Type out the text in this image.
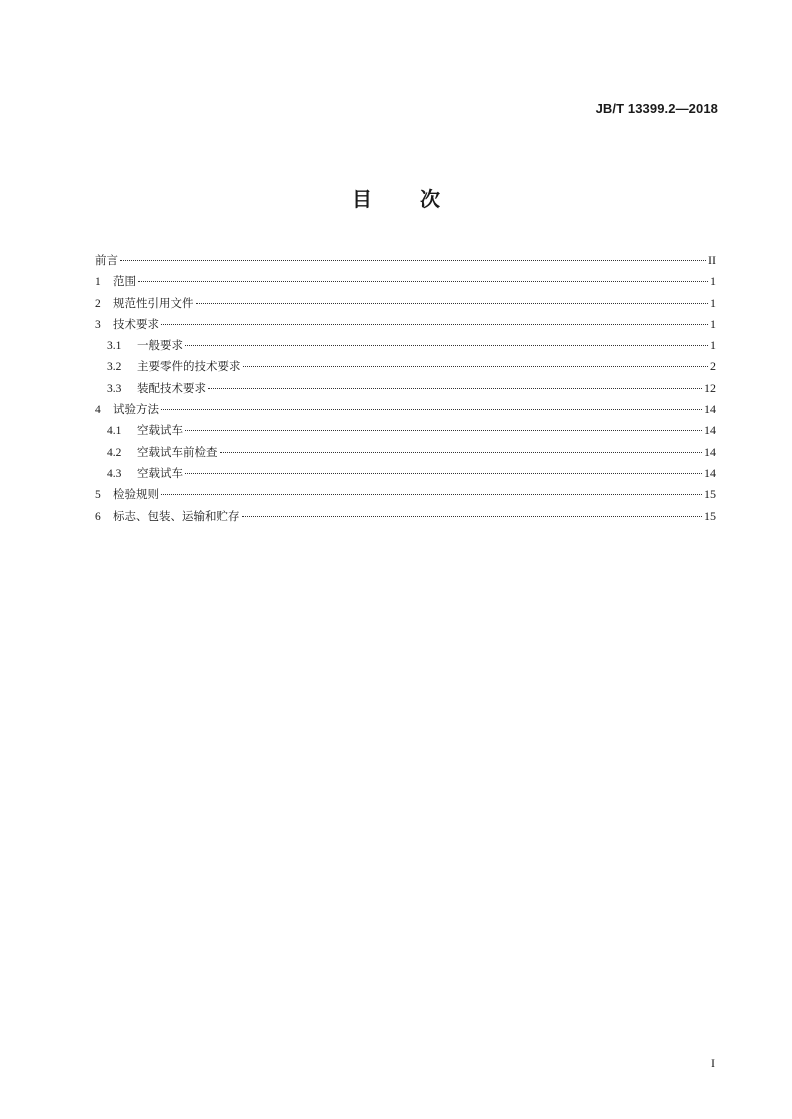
JB/T 13399.2—2018
目 次
前言	II
1	范围	1
2	规范性引用文件	1
3	技术要求	1
3.1	一般要求	1
3.2	主要零件的技术要求	2
3.3	装配技术要求	12
4	试验方法	14
4.1	空载试车	14
4.2	空载试车前检查	14
4.3	空载试车	14
5	检验规则	15
6	标志、包装、运输和贮存	15
I
